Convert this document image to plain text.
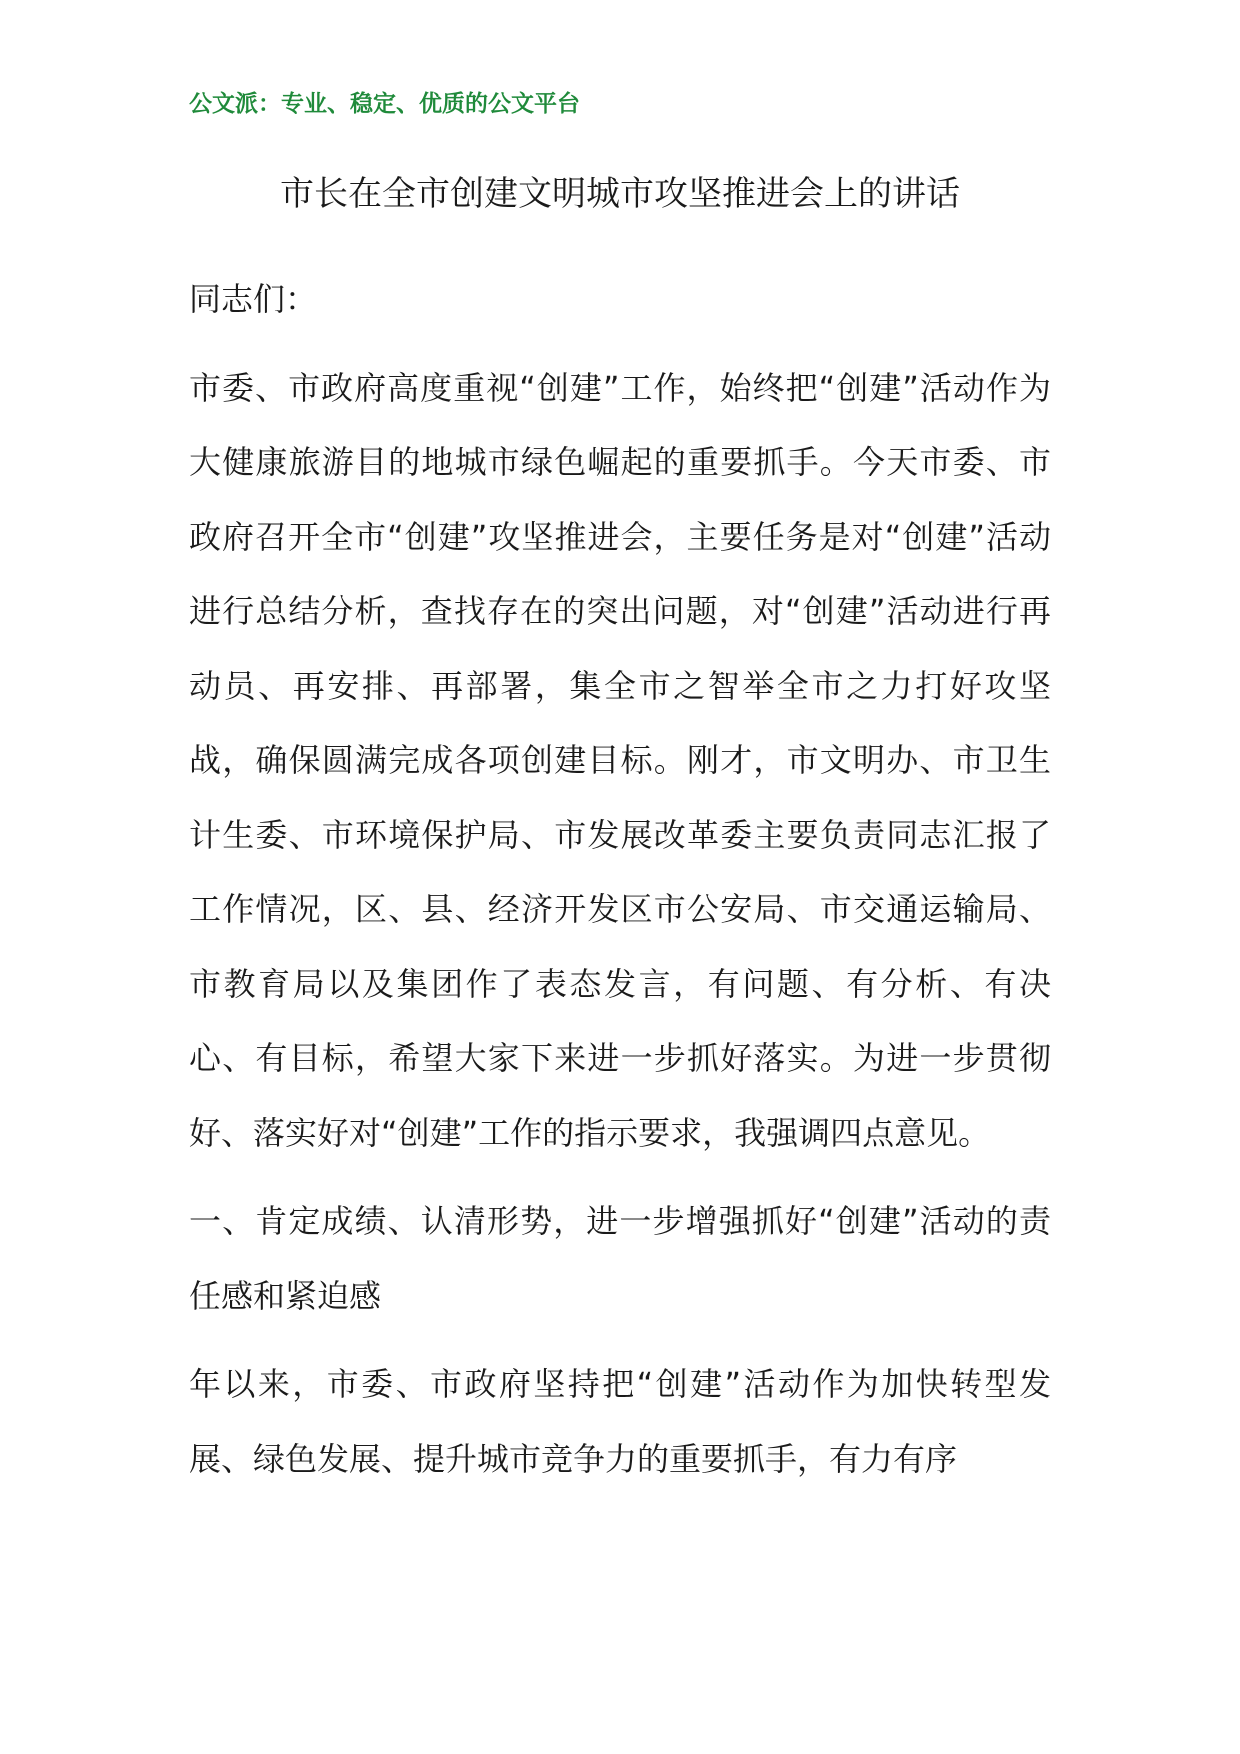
公文派：专业、稳定、优质的公文平台
市长在全市创建文明城市攻坚推进会上的讲话

同志们：

市委、市政府高度重视“创建”工作，始终把“创建”活动作为大健康旅游目的地城市绿色崛起的重要抓手。今天市委、市政府召开全市“创建”攻坚推进会，主要任务是对“创建”活动进行总结分析，查找存在的突出问题，对“创建”活动进行再动员、再安排、再部署，集全市之智举全市之力打好攻坚战，确保圆满完成各项创建目标。刚才，市文明办、市卫生计生委、市环境保护局、市发展改革委主要负责同志汇报了工作情况，区、县、经济开发区市公安局、市交通运输局、市教育局以及集团作了表态发言，有问题、有分析、有决心、有目标，希望大家下来进一步抓好落实。为进一步贯彻好、落实好对“创建”工作的指示要求，我强调四点意见。

一、肯定成绩、认清形势，进一步增强抓好“创建”活动的责任感和紧迫感

年以来，市委、市政府坚持把“创建”活动作为加快转型发展、绿色发展、提升城市竞争力的重要抓手，有力有序
